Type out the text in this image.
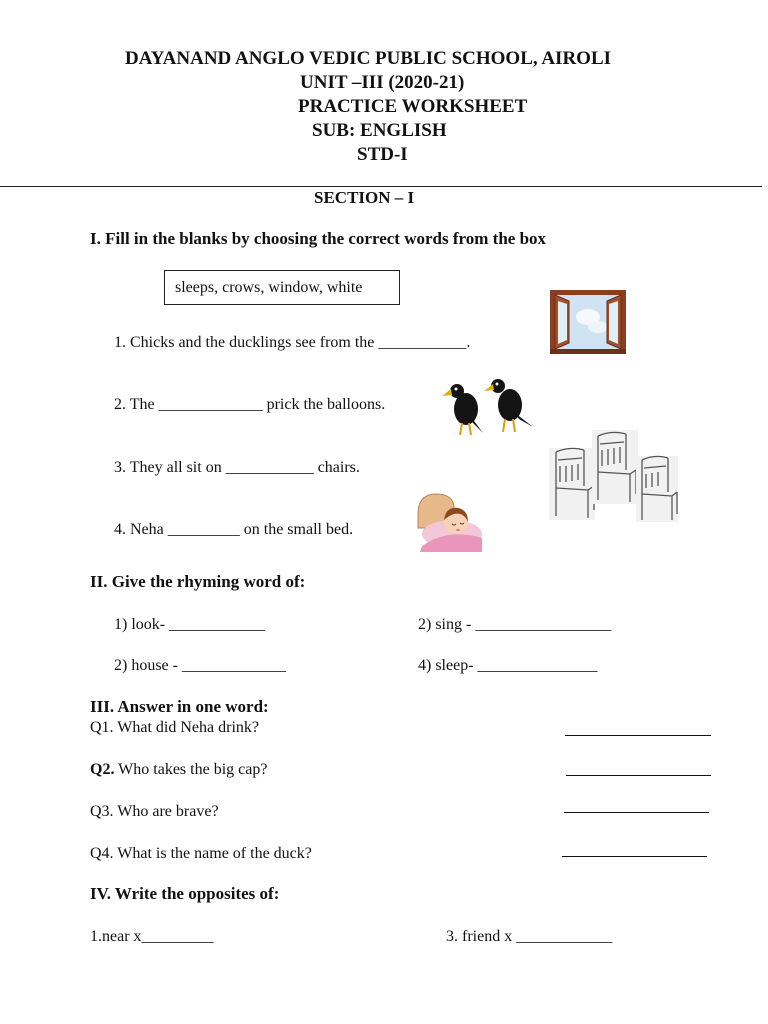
DAYANAND ANGLO VEDIC PUBLIC SCHOOL, AIROLI
UNIT –III (2020-21)
PRACTICE WORKSHEET
SUB: ENGLISH
STD-I
SECTION – I
I. Fill in the blanks by choosing the correct words from the box
sleeps, crows, window, white
1. Chicks and the ducklings see from the ___________.
2. The _____________ prick the balloons.
3. They all sit on ___________ chairs.
4. Neha _________ on the small bed.
II. Give the rhyming word of:
1) look- ____________	2) sing - _________________
2) house - _____________	4) sleep- _______________
III. Answer in one word:
Q1. What did Neha drink?
Q2. Who takes the big cap?
Q3. Who are brave?
Q4. What is the name of the duck?
IV. Write the opposites of:
1.near x_________	3. friend x ____________
